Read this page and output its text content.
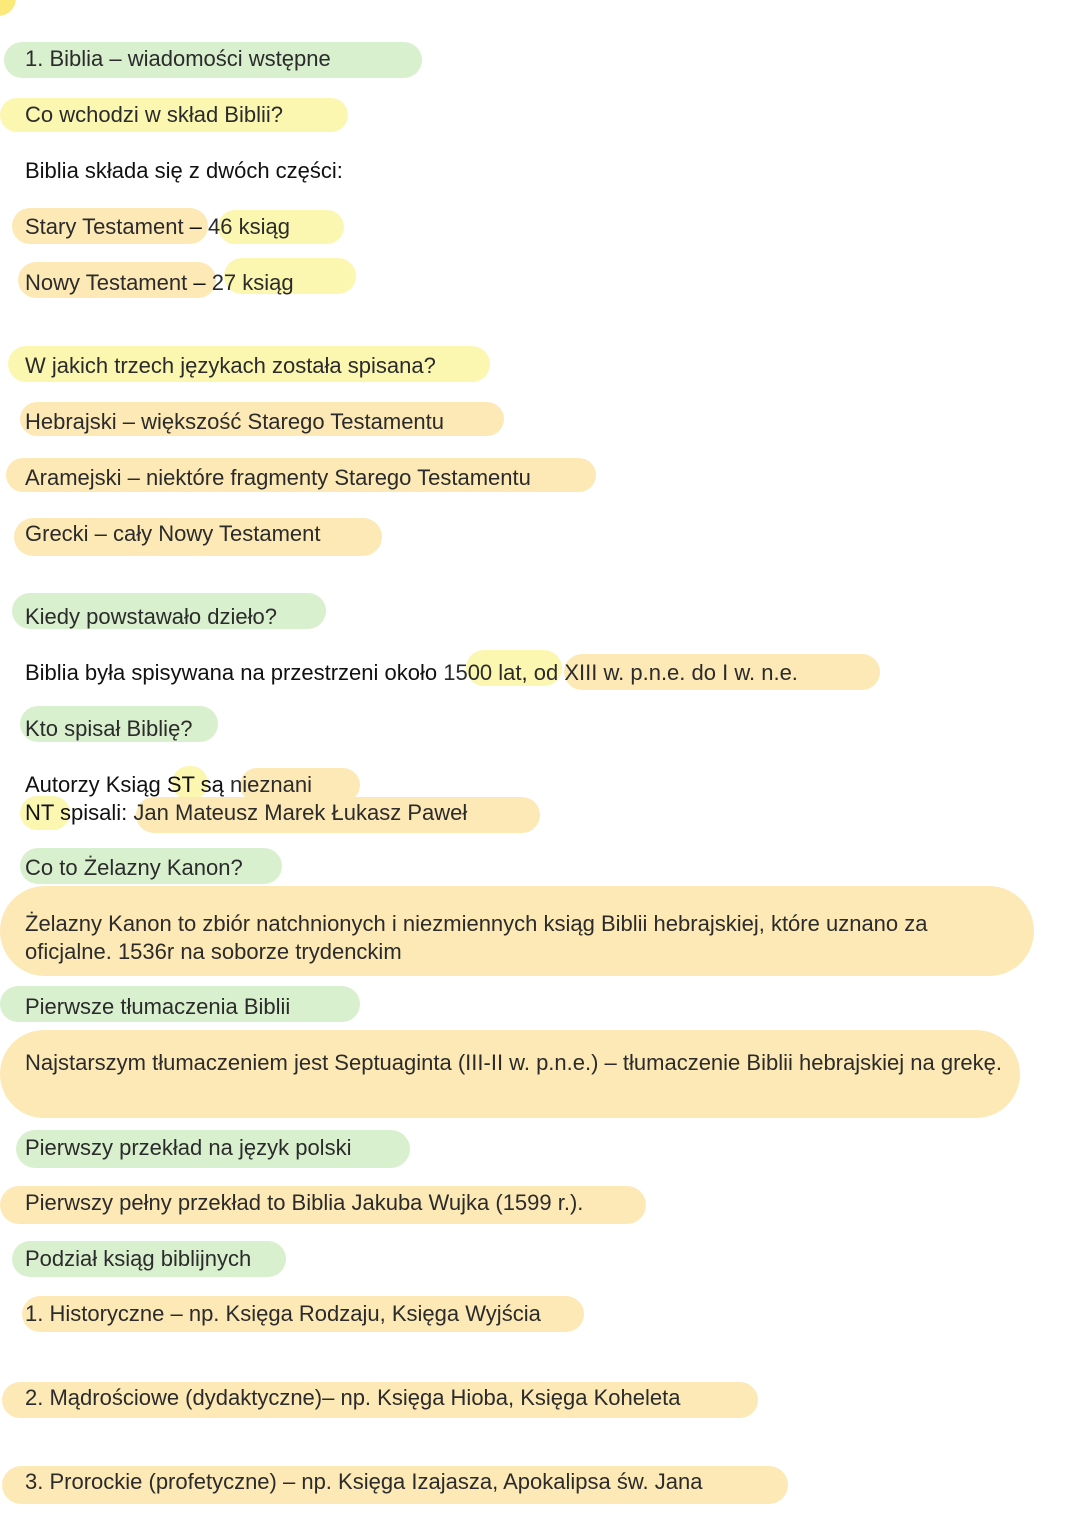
1. Biblia – wiadomości wstępne
Co wchodzi w skład Biblii?
Biblia składa się z dwóch części:
Stary Testament – 46 ksiąg
Nowy Testament – 27 ksiąg
W jakich trzech językach została spisana?
Hebrajski – większość Starego Testamentu
Aramejski – niektóre fragmenty Starego Testamentu
Grecki – cały Nowy Testament
Kiedy powstawało dzieło?
Biblia była spisywana na przestrzeni około 1500 lat, od XIII w. p.n.e. do I w. n.e.
Kto spisał Biblię?
Autorzy Ksiąg ST są nieznani
NT spisali: Jan Mateusz Marek Łukasz Paweł
Co to Żelazny Kanon?
Żelazny Kanon to zbiór natchnionych i niezmiennych ksiąg Biblii hebrajskiej, które uznano za oficjalne. 1536r na soborze trydenckim
Pierwsze tłumaczenia Biblii
Najstarszym tłumaczeniem jest Septuaginta (III-II w. p.n.e.) – tłumaczenie Biblii hebrajskiej na grekę.
Pierwszy przekład na język polski
Pierwszy pełny przekład to Biblia Jakuba Wujka (1599 r.).
Podział ksiąg biblijnych
1. Historyczne – np. Księga Rodzaju, Księga Wyjścia
2. Mądrościowe (dydaktyczne)– np. Księga Hioba, Księga Koheleta
3. Prorockie (profetyczne) – np. Księga Izajasza, Apokalipsa św. Jana
